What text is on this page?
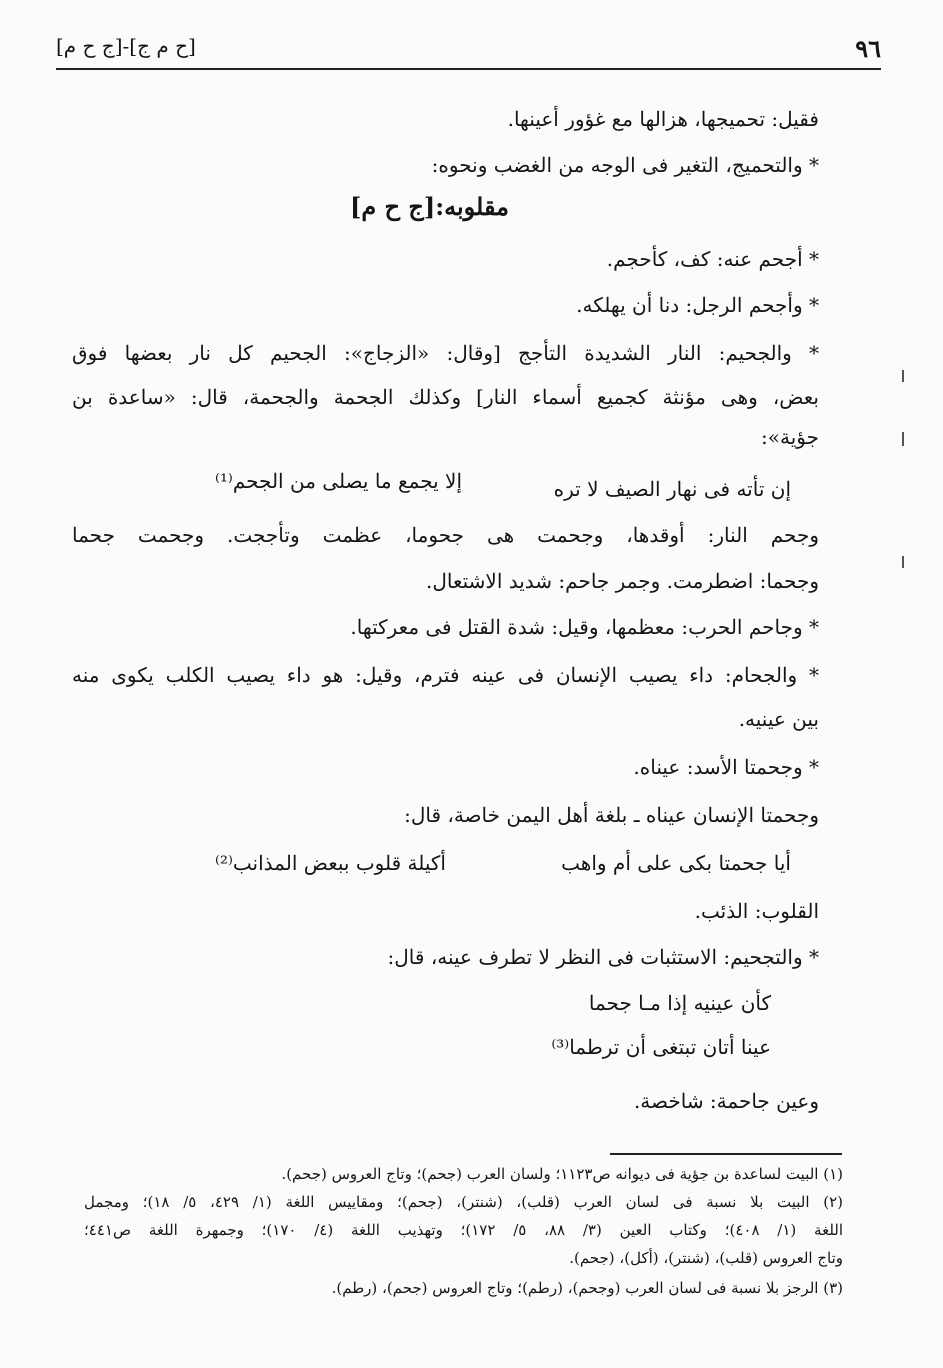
٩٦
[ح م ج]-[ج ح م]
فقيل: تحميجها، هزالها مع غؤور أعينها.
* والتحميج، التغير فى الوجه من الغضب ونحوه:
مقلوبه:[ج ح م]
* أجحم عنه: كف، كأحجم.
* وأجحم الرجل: دنا أن يهلكه.
* والجحيم: النار الشديدة التأجج [وقال: «الزجاج»: الجحيم كل نار بعضها فوق
بعض، وهى مؤنثة كجميع أسماء النار] وكذلك الجحمة والجحمة، قال: «ساعدة بن
جؤية»:
إن تأته فى نهار الصيف لا تره
إلا يجمع ما يصلى من الجحم⁽¹⁾
وجحم النار: أوقدها، وجحمت هى جحوما، عظمت وتأججت. وجحمت جحما
وجحما: اضطرمت. وجمر جاحم: شديد الاشتعال.
* وجاحم الحرب: معظمها، وقيل: شدة القتل فى معركتها.
* والجحام: داء يصيب الإنسان فى عينه فترم، وقيل: هو داء يصيب الكلب يكوى منه
بين عينيه.
* وجحمتا الأسد: عيناه.
وجحمتا الإنسان عيناه ـ بلغة أهل اليمن خاصة، قال:
أيا جحمتا بكى على أم واهب
أكيلة قلوب ببعض المذانب⁽²⁾
القلوب: الذئب.
* والتجحيم: الاستثبات فى النظر لا تطرف عينه، قال:
كأن عينيه إذا مـا جحما
عينا أتان تبتغى أن ترطما⁽³⁾
وعين جاحمة: شاخصة.
(١) البيت لساعدة بن جؤية فى ديوانه ص١١٢٣؛ ولسان العرب (جحم)؛ وتاج العروس (جحم).
(٢) البيت بلا نسبة فى لسان العرب (قلب)، (شنتر)، (جحم)؛ ومقاييس اللغة (١/ ٤٢٩، ٥/ ١٨)؛ ومجمل
اللغة (١/ ٤٠٨)؛ وكتاب العين (٣/ ٨٨، ٥/ ١٧٢)؛ وتهذيب اللغة (٤/ ١٧٠)؛ وجمهرة اللغة ص٤٤١؛
وتاج العروس (قلب)، (شنتر)، (أكل)، (جحم).
(٣) الرجز بلا نسبة فى لسان العرب (وجحم)، (رطم)؛ وتاج العروس (جحم)، (رطم).
